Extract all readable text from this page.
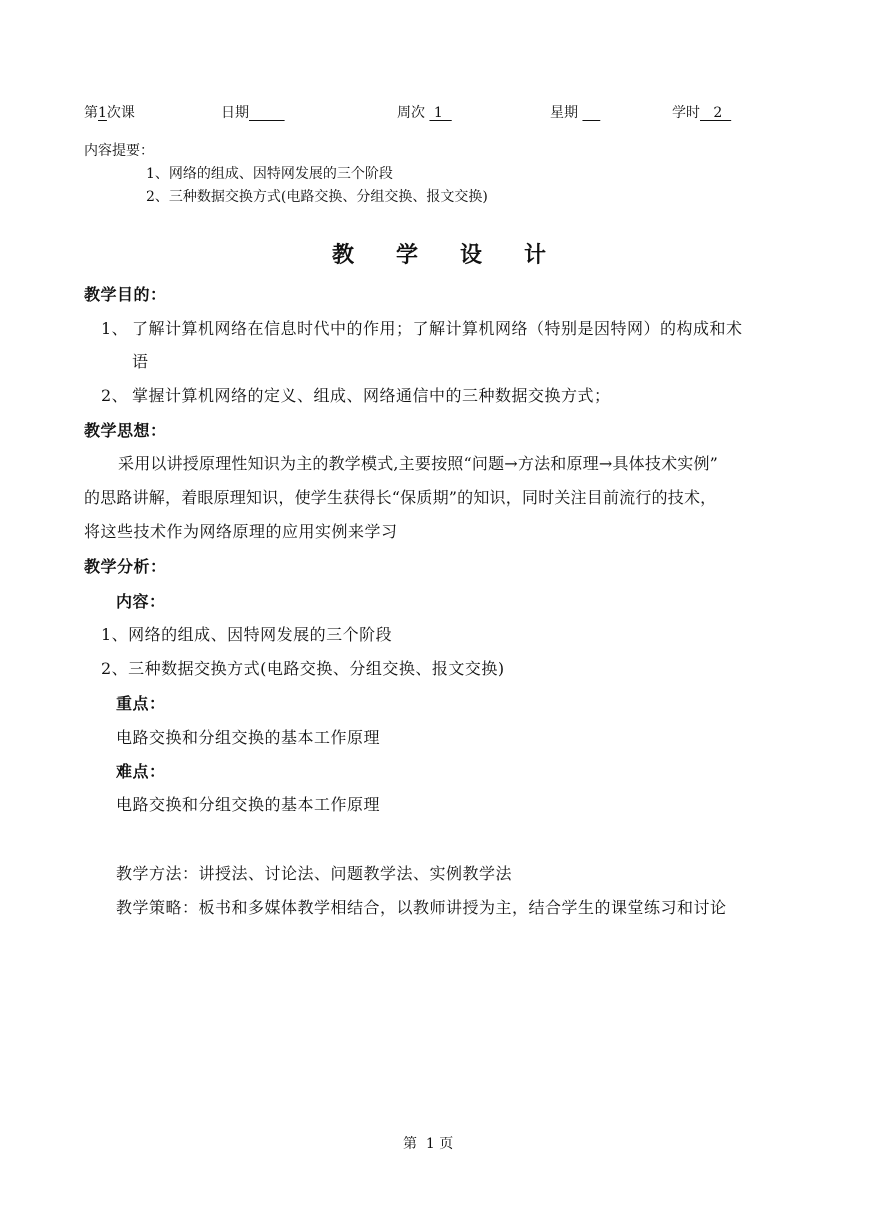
第1次课	日期	周次  1	星期	学时   2
内容提要：
1、网络的组成、因特网发展的三个阶段
2、三种数据交换方式(电路交换、分组交换、报文交换)
教 学 设 计
教学目的：
1、 了解计算机网络在信息时代中的作用；了解计算机网络（特别是因特网）的构成和术
语
2、 掌握计算机网络的定义、组成、网络通信中的三种数据交换方式；
教学思想：
采用以讲授原理性知识为主的教学模式,主要按照“问题→方法和原理→具体技术实例”
的思路讲解，着眼原理知识，使学生获得长“保质期”的知识，同时关注目前流行的技术，
将这些技术作为网络原理的应用实例来学习
教学分析：
内容：
1、网络的组成、因特网发展的三个阶段
2、三种数据交换方式(电路交换、分组交换、报文交换)
重点：
电路交换和分组交换的基本工作原理
难点：
电路交换和分组交换的基本工作原理
教学方法：讲授法、讨论法、问题教学法、实例教学法
教学策略：板书和多媒体教学相结合，以教师讲授为主，结合学生的课堂练习和讨论
第  1 页
